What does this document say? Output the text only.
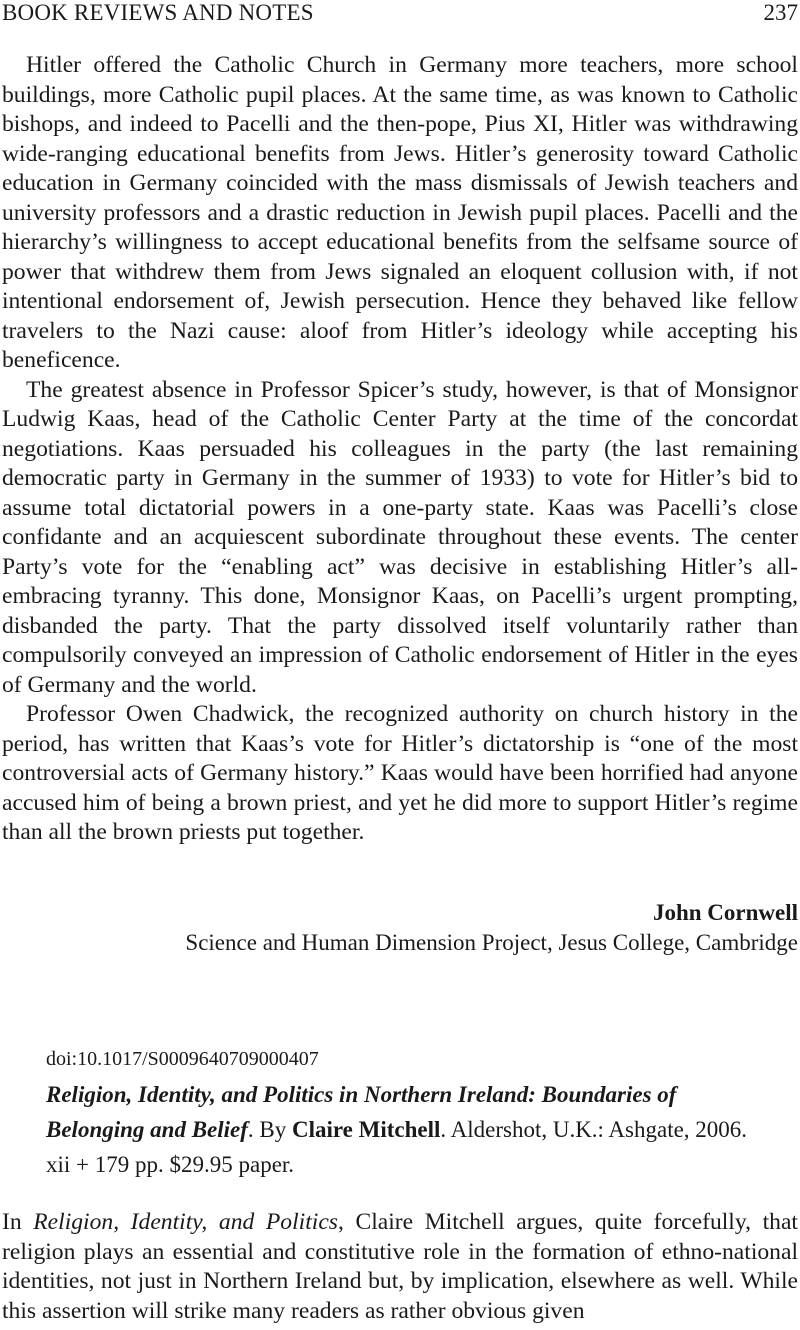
BOOK REVIEWS AND NOTES	237

Hitler offered the Catholic Church in Germany more teachers, more school buildings, more Catholic pupil places. At the same time, as was known to Catholic bishops, and indeed to Pacelli and the then-pope, Pius XI, Hitler was withdrawing wide-ranging educational benefits from Jews. Hitler’s generosity toward Catholic education in Germany coincided with the mass dismissals of Jewish teachers and university professors and a drastic reduction in Jewish pupil places. Pacelli and the hierarchy’s willingness to accept educational benefits from the selfsame source of power that withdrew them from Jews signaled an eloquent collusion with, if not intentional endorsement of, Jewish persecution. Hence they behaved like fellow travelers to the Nazi cause: aloof from Hitler’s ideology while accepting his beneficence.

The greatest absence in Professor Spicer’s study, however, is that of Monsignor Ludwig Kaas, head of the Catholic Center Party at the time of the concordat negotiations. Kaas persuaded his colleagues in the party (the last remaining democratic party in Germany in the summer of 1933) to vote for Hitler’s bid to assume total dictatorial powers in a one-party state. Kaas was Pacelli’s close confidante and an acquiescent subordinate throughout these events. The center Party’s vote for the “enabling act” was decisive in establishing Hitler’s all-embracing tyranny. This done, Monsignor Kaas, on Pacelli’s urgent prompting, disbanded the party. That the party dissolved itself voluntarily rather than compulsorily conveyed an impression of Catholic endorsement of Hitler in the eyes of Germany and the world.

Professor Owen Chadwick, the recognized authority on church history in the period, has written that Kaas’s vote for Hitler’s dictatorship is “one of the most controversial acts of Germany history.” Kaas would have been horrified had anyone accused him of being a brown priest, and yet he did more to support Hitler’s regime than all the brown priests put together.

John Cornwell
Science and Human Dimension Project, Jesus College, Cambridge
doi:10.1017/S0009640709000407
Religion, Identity, and Politics in Northern Ireland: Boundaries of Belonging and Belief. By Claire Mitchell. Aldershot, U.K.: Ashgate, 2006. xii + 179 pp. $29.95 paper.

In Religion, Identity, and Politics, Claire Mitchell argues, quite forcefully, that religion plays an essential and constitutive role in the formation of ethno-national identities, not just in Northern Ireland but, by implication, elsewhere as well. While this assertion will strike many readers as rather obvious given
